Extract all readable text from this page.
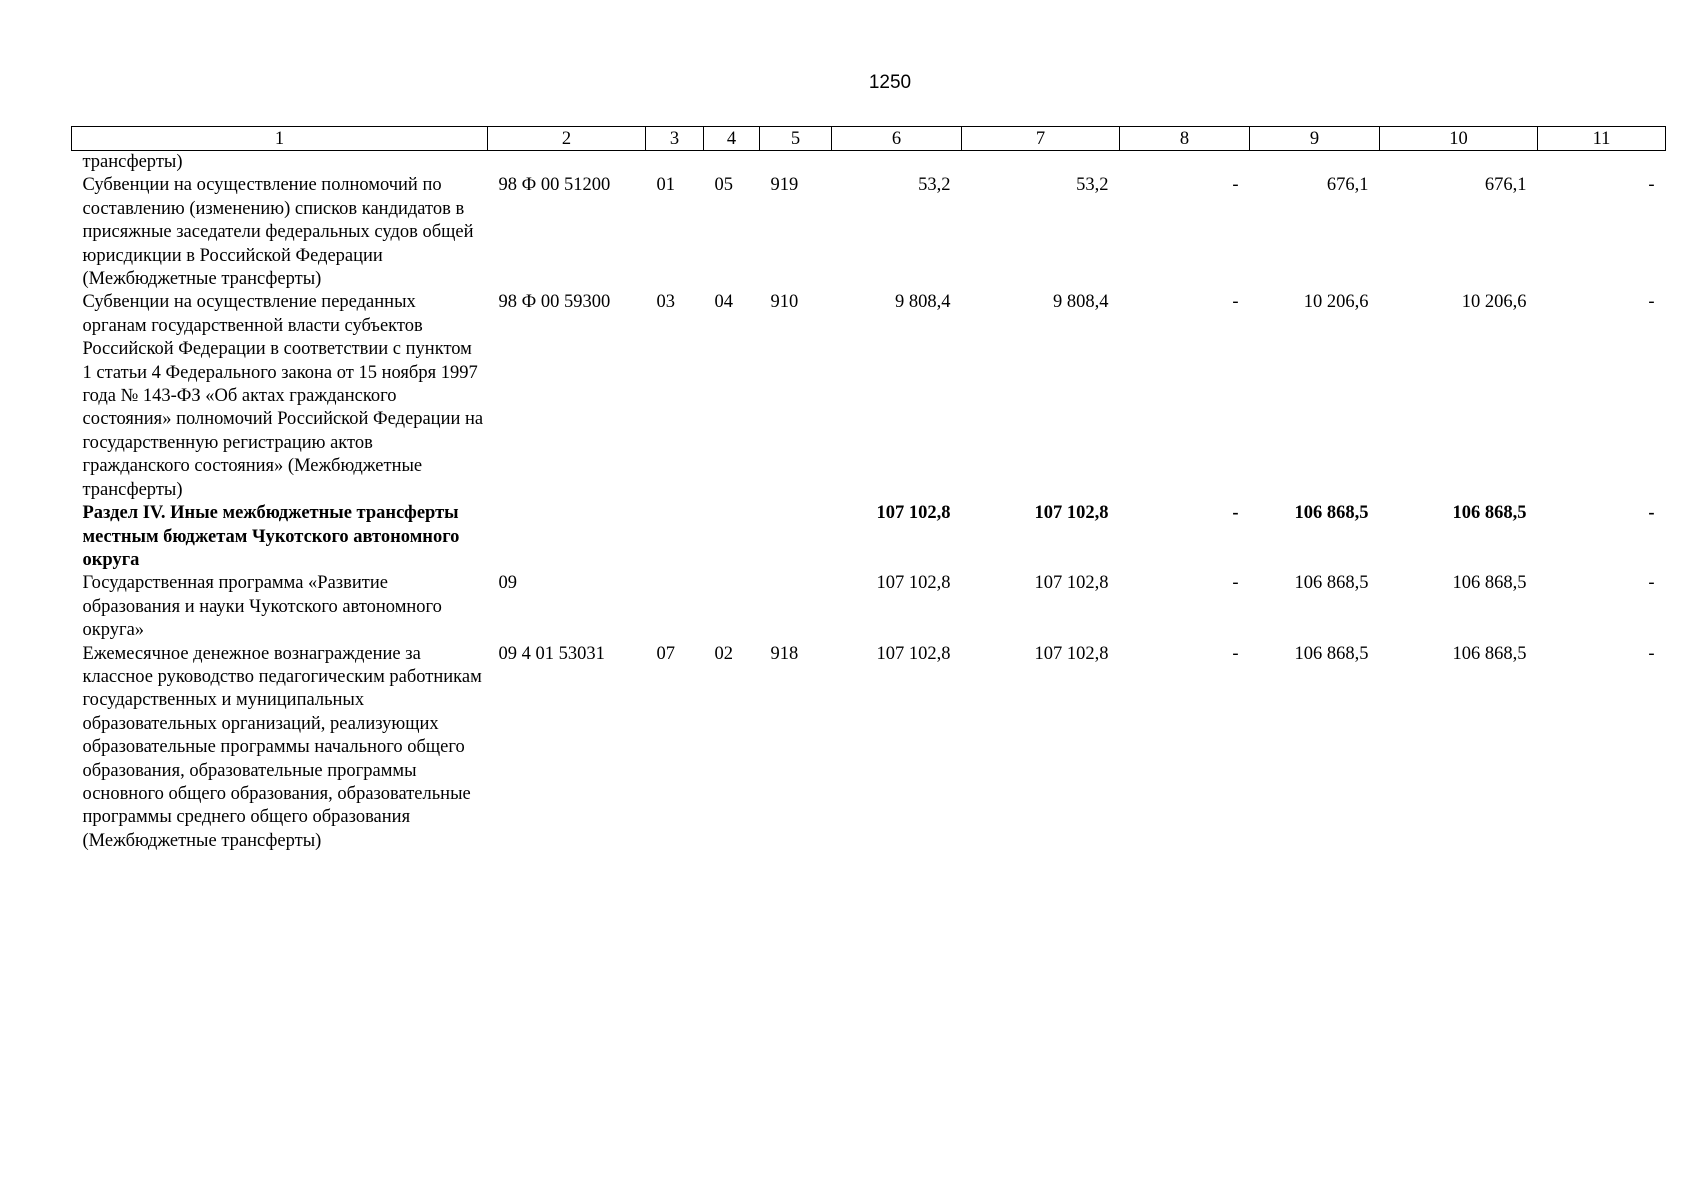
1250
1	2	3	4	5	6	7	8	9	10	11
трансферты)										
Субвенции на осуществление полномочий по составлению (изменению) списков кандидатов в присяжные заседатели федеральных судов общей юрисдикции в Российской Федерации (Межбюджетные трансферты)	98 Ф 00 51200	01	05	919	53,2	53,2	-	676,1	676,1	-
Субвенции на осуществление переданных органам государственной власти субъектов Российской Федерации в соответствии с пунктом 1 статьи 4 Федерального закона от 15 ноября 1997 года № 143-ФЗ «Об актах гражданского состояния» полномочий Российской Федерации на государственную регистрацию актов гражданского состояния» (Межбюджетные трансферты)	98 Ф 00 59300	03	04	910	9 808,4	9 808,4	-	10 206,6	10 206,6	-
Раздел IV. Иные межбюджетные трансферты местным бюджетам Чукотского автономного округа					107 102,8	107 102,8	-	106 868,5	106 868,5	-
Государственная программа «Развитие образования и науки Чукотского автономного округа»	09				107 102,8	107 102,8	-	106 868,5	106 868,5	-
Ежемесячное денежное вознаграждение за классное руководство педагогическим работникам государственных и муниципальных образовательных организаций, реализующих образовательные программы начального общего образования, образовательные программы основного общего образования, образовательные программы среднего общего образования (Межбюджетные трансферты)	09 4 01 53031	07	02	918	107 102,8	107 102,8	-	106 868,5	106 868,5	-
